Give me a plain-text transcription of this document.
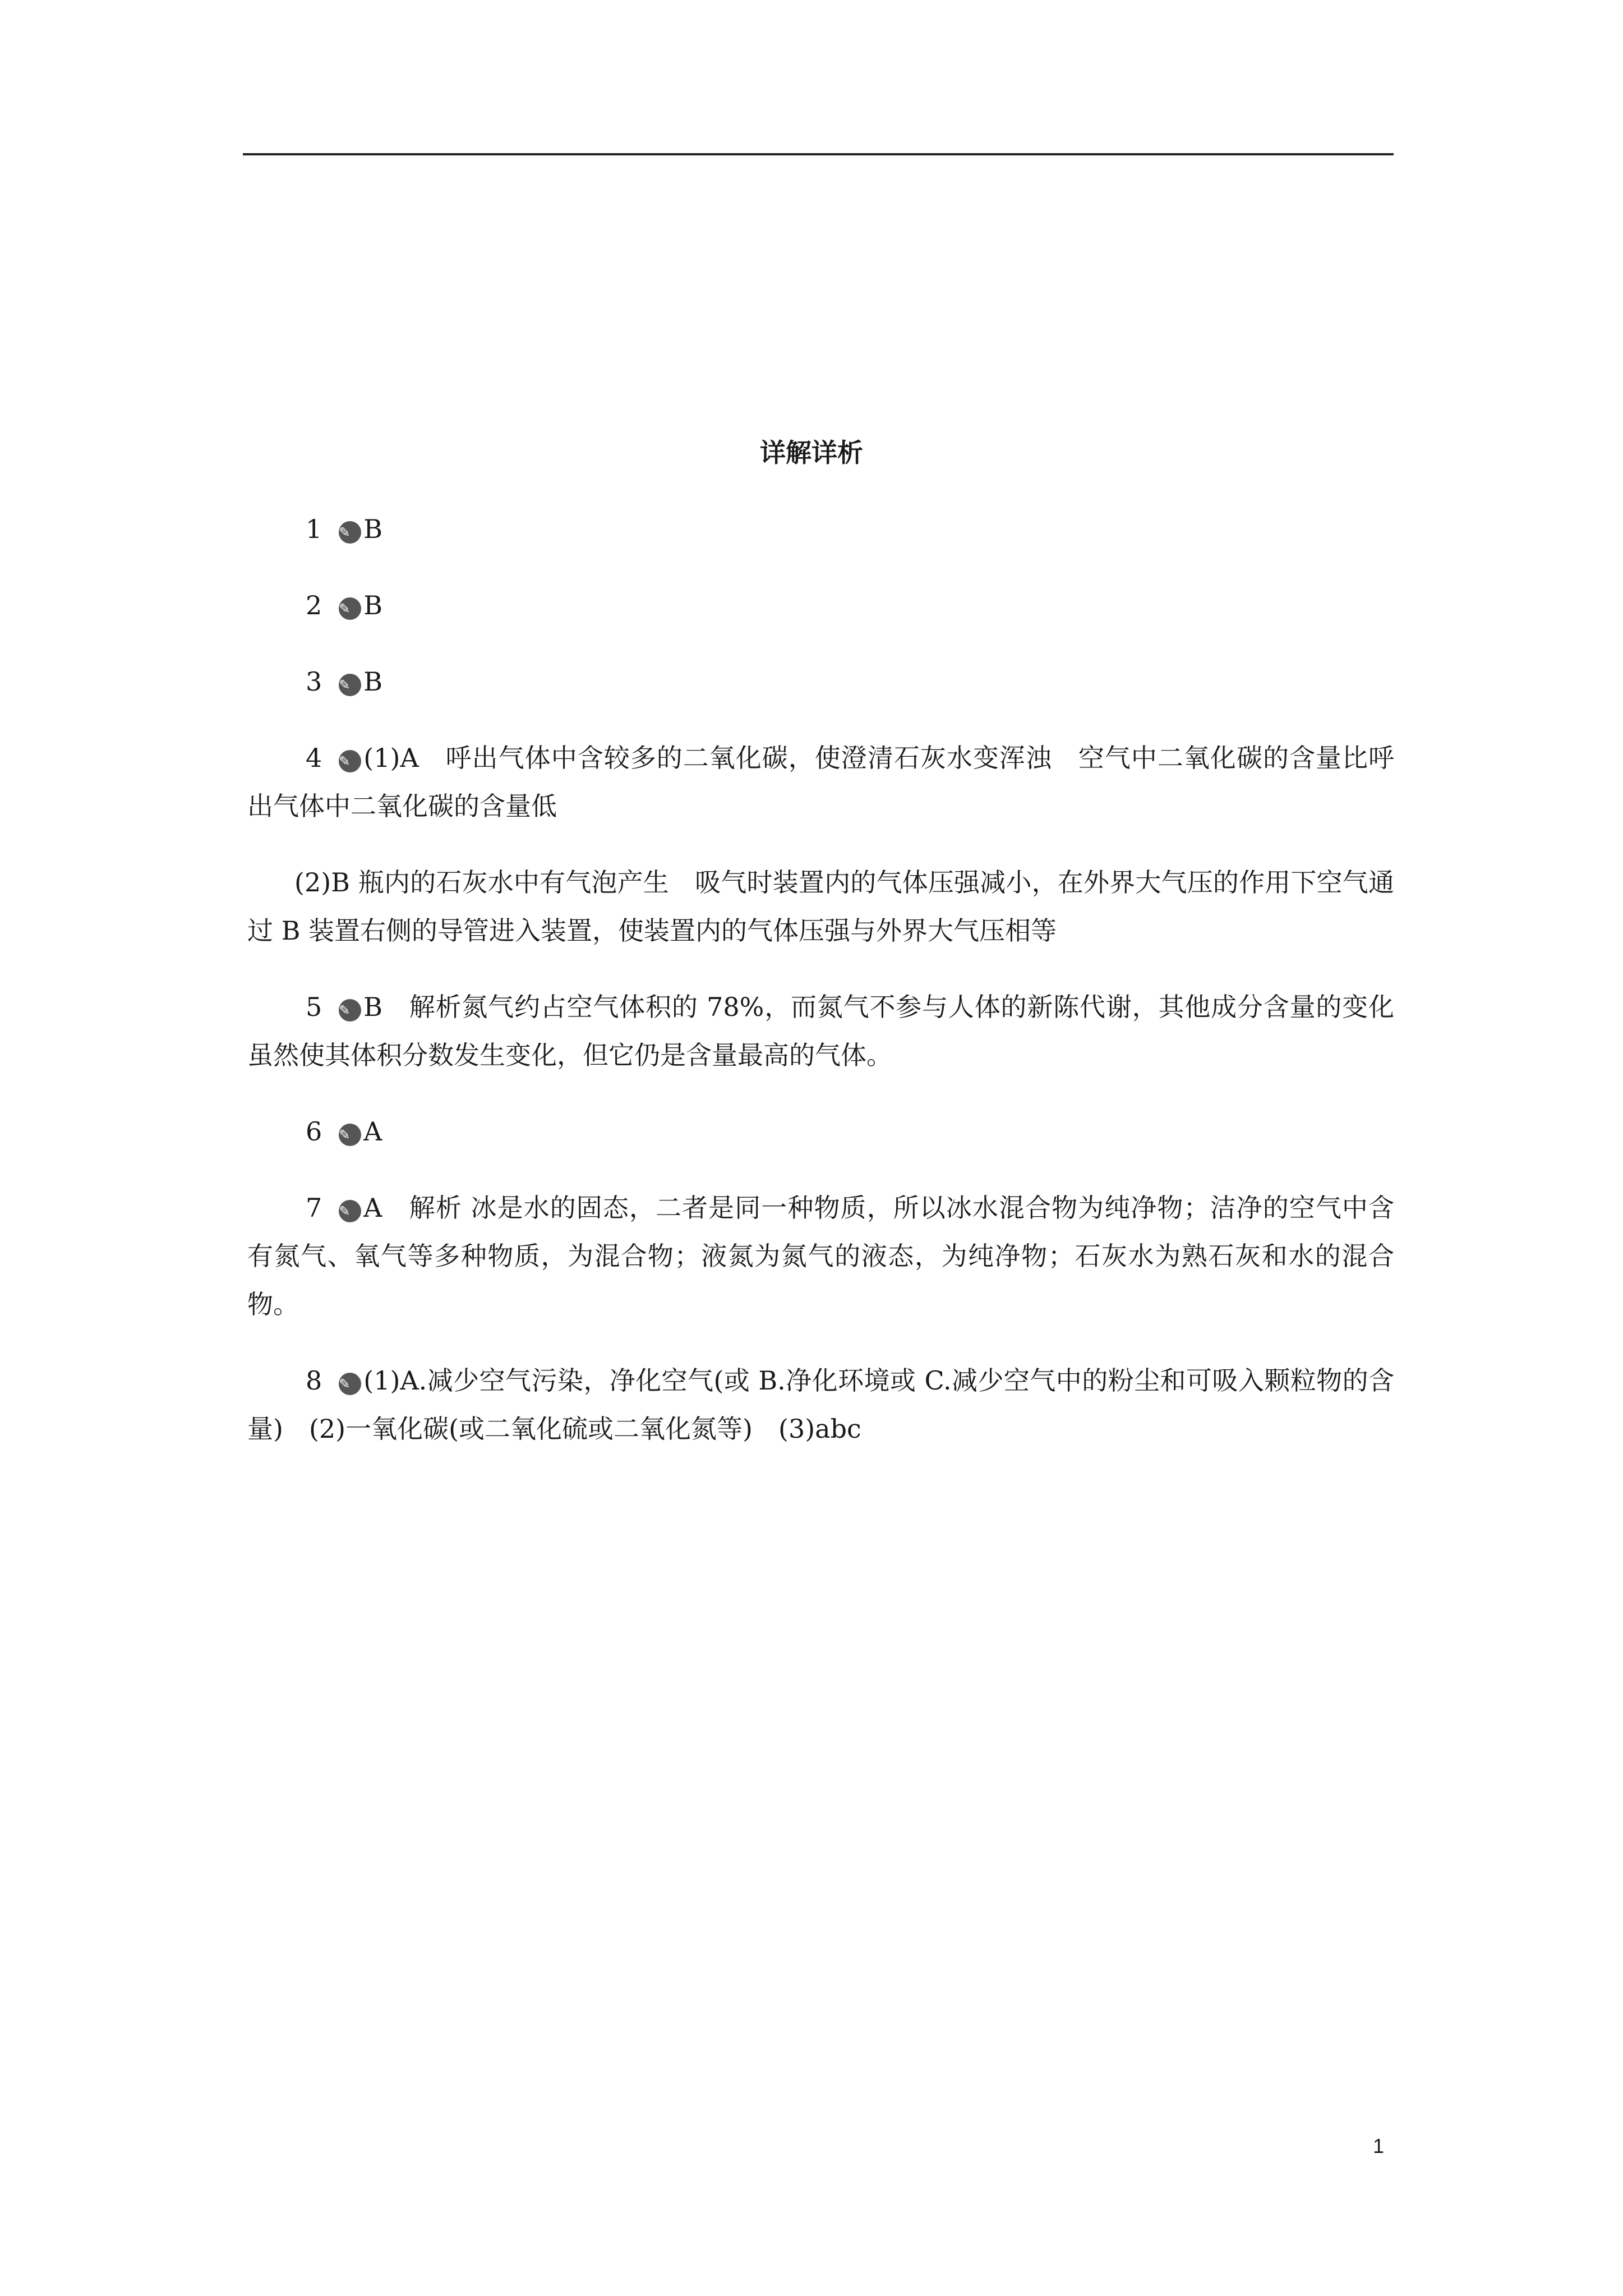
详解详析

1 ✎ B

2 ✎ B

3 ✎ B

4 ✎ (1)A　呼出气体中含较多的二氧化碳，使澄清石灰水变浑浊　空气中二氧化碳的含量比呼出气体中二氧化碳的含量低

(2)B 瓶内的石灰水中有气泡产生　吸气时装置内的气体压强减小，在外界大气压的作用下空气通过 B 装置右侧的导管进入装置，使装置内的气体压强与外界大气压相等

5 ✎ B　解析氮气约占空气体积的 78%，而氮气不参与人体的新陈代谢，其他成分含量的变化虽然使其体积分数发生变化，但它仍是含量最高的气体。

6 ✎ A

7 ✎ A　解析 冰是水的固态，二者是同一种物质，所以冰水混合物为纯净物；洁净的空气中含有氮气、氧气等多种物质，为混合物；液氮为氮气的液态，为纯净物；石灰水为熟石灰和水的混合物。

8 ✎ (1)A.减少空气污染，净化空气(或 B.净化环境或 C.减少空气中的粉尘和可吸入颗粒物的含量)　(2)一氧化碳(或二氧化硫或二氧化氮等)　(3)abc

1
